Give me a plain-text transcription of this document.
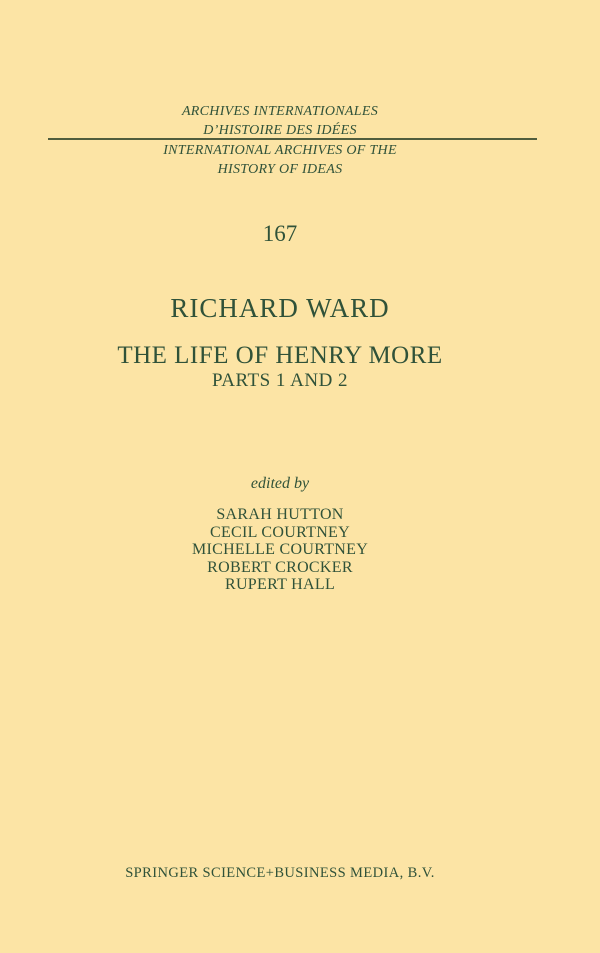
ARCHIVES INTERNATIONALES
D’HISTOIRE DES IDÉES
INTERNATIONAL ARCHIVES OF THE
HISTORY OF IDEAS
167
RICHARD WARD
THE LIFE OF HENRY MORE
PARTS 1 AND 2
edited by
SARAH HUTTON
CECIL COURTNEY
MICHELLE COURTNEY
ROBERT CROCKER
RUPERT HALL
SPRINGER SCIENCE+BUSINESS MEDIA, B.V.
